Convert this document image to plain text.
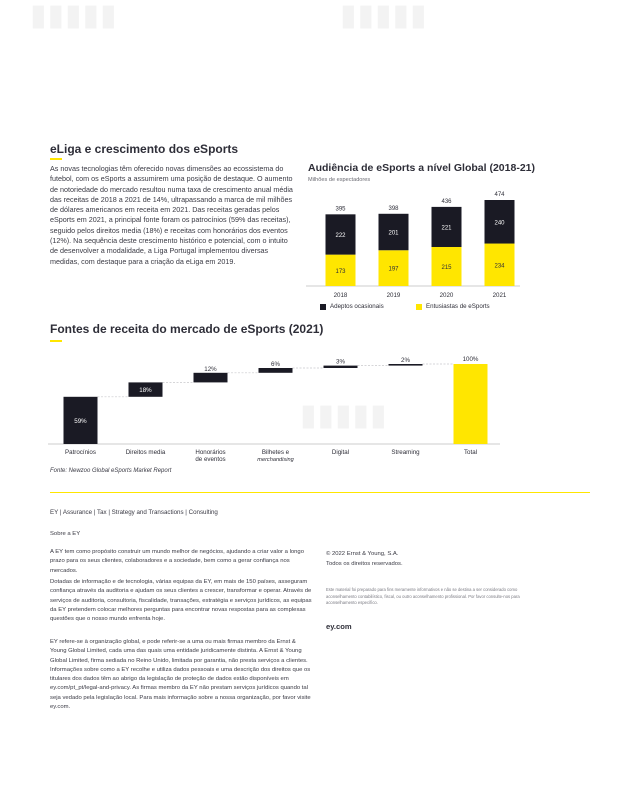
▮▮▮▮▮	▮▮▮▮▮
▮▮▮▮▮
eLiga e crescimento dos eSports

As novas tecnologias têm oferecido novas dimensões ao ecossistema do futebol, com os eSports a assumirem uma posição de destaque. O aumento de notoriedade do mercado resultou numa taxa de crescimento anual média das receitas de 2018 a 2021 de 14%, ultrapassando a marca de mil milhões de dólares americanos em receita em 2021. Das receitas geradas pelos eSports em 2021, a principal fonte foram os patrocínios (59% das receitas), seguido pelos direitos media (18%) e receitas com honorários dos eventos (12%). Na sequência deste crescimento histórico e potencial, com o intuito de desenvolver a modalidade, a Liga Portugal implementou diversas medidas, com destaque para a criação da eLiga em 2019.

Audiência de eSports a nível Global (2018-21)
Milhões de espectadores
173
222
395
2018
197
201
398
2019
215
221
436
2020
234
240
474
2021
Adeptos ocasionais	Entusiastas de eSports
Fontes de receita do mercado de eSports (2021)
59%
Patrocínios
18%
Direitos media
12%
Honorários
de eventos
6%
Bilhetes e
merchandising
3%
Digital
2%
Streaming
100%
Total
Fonte: Newzoo Global eSports Market Report
EY | Assurance | Tax | Strategy and Transactions | Consulting

Sobre a EY

A EY tem como propósito construir um mundo melhor de negócios, ajudando a criar valor a longo prazo para os seus clientes, colaboradores e a sociedade, bem como a gerar confiança nos mercados.

Dotadas de informação e de tecnologia, várias equipas da EY, em mais de 150 países, asseguram confiança através da auditoria e ajudam os seus clientes a crescer, transformar e operar. Através de serviços de auditoria, consultoria, fiscalidade, transações, estratégia e serviços jurídicos, as equipas da EY pretendem colocar melhores perguntas para encontrar novas respostas para as complexas questões que o nosso mundo enfrenta hoje.

EY refere-se à organização global, e pode referir-se a uma ou mais firmas membro da Ernst & Young Global Limited, cada uma das quais uma entidade juridicamente distinta. A Ernst & Young Global Limited, firma sediada no Reino Unido, limitada por garantia, não presta serviços a clientes. Informações sobre como a EY recolhe e utiliza dados pessoais e uma descrição dos direitos que os titulares dos dados têm ao abrigo da legislação de proteção de dados estão disponíveis em ey.com/pt_pt/legal-and-privacy. As firmas membro da EY não prestam serviços jurídicos quando tal seja vedado pela legislação local. Para mais informação sobre a nossa organização, por favor visite ey.com.

© 2022 Ernst & Young, S.A.

Todos os direitos reservados.

Este material foi preparado para fins meramente informativos e não se destina a ser considerado como aconselhamento contabilístico, fiscal, ou outro aconselhamento profissional. Por favor consulte-nos para aconselhamento específico.

ey.com
